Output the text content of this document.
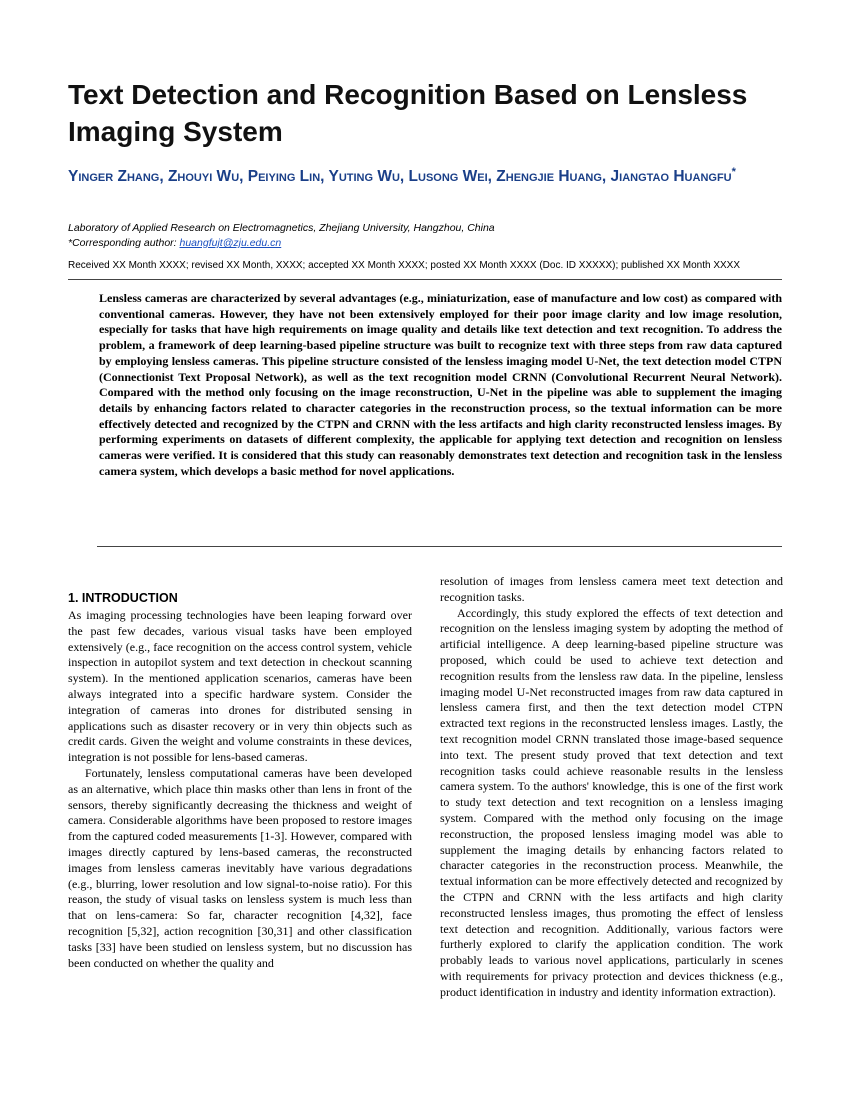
Text Detection and Recognition Based on Lensless Imaging System
Yinger Zhang, Zhouyi Wu, Peiying Lin, Yuting Wu, Lusong Wei, Zhengjie Huang, Jiangtao Huangfu*
Laboratory of Applied Research on Electromagnetics, Zhejiang University, Hangzhou, China
*Corresponding author: huangfujt@zju.edu.cn
Received XX Month XXXX; revised XX Month, XXXX; accepted XX Month XXXX; posted XX Month XXXX (Doc. ID XXXXX); published XX Month XXXX

Lensless cameras are characterized by several advantages (e.g., miniaturization, ease of manufacture and low cost) as compared with conventional cameras. However, they have not been extensively employed for their poor image clarity and low image resolution, especially for tasks that have high requirements on image quality and details like text detection and text recognition. To address the problem, a framework of deep learning-based pipeline structure was built to recognize text with three steps from raw data captured by employing lensless cameras. This pipeline structure consisted of the lensless imaging model U-Net, the text detection model CTPN (Connectionist Text Proposal Network), as well as the text recognition model CRNN (Convolutional Recurrent Neural Network). Compared with the method only focusing on the image reconstruction, U-Net in the pipeline was able to supplement the imaging details by enhancing factors related to character categories in the reconstruction process, so the textual information can be more effectively detected and recognized by the CTPN and CRNN with the less artifacts and high clarity reconstructed lensless images. By performing experiments on datasets of different complexity, the applicable for applying text detection and recognition on lensless cameras were verified. It is considered that this study can reasonably demonstrates text detection and recognition task in the lensless camera system, which develops a basic method for novel applications.

1. INTRODUCTION

As imaging processing technologies have been leaping forward over the past few decades, various visual tasks have been employed extensively (e.g., face recognition on the access control system, vehicle inspection in autopilot system and text detection in checkout scanning system). In the mentioned application scenarios, cameras have been always integrated into a specific hardware system. Consider the integration of cameras into drones for distributed sensing in applications such as disaster recovery or in very thin objects such as credit cards. Given the weight and volume constraints in these devices, integration is not possible for lens-based cameras.

Fortunately, lensless computational cameras have been developed as an alternative, which place thin masks other than lens in front of the sensors, thereby significantly decreasing the thickness and weight of camera. Considerable algorithms have been proposed to restore images from the captured coded measurements [1-3]. However, compared with images directly captured by lens-based cameras, the reconstructed images from lensless cameras inevitably have various degradations (e.g., blurring, lower resolution and low signal-to-noise ratio). For this reason, the study of visual tasks on lensless system is much less than that on lens-camera: So far, character recognition [4,32], face recognition [5,32], action recognition [30,31] and other classification tasks [33] have been studied on lensless system, but no discussion has been conducted on whether the quality and

resolution of images from lensless camera meet text detection and recognition tasks.

Accordingly, this study explored the effects of text detection and recognition on the lensless imaging system by adopting the method of artificial intelligence. A deep learning-based pipeline structure was proposed, which could be used to achieve text detection and recognition results from the lensless raw data. In the pipeline, lensless imaging model U-Net reconstructed images from raw data captured in lensless camera first, and then the text detection model CTPN extracted text regions in the reconstructed lensless images. Lastly, the text recognition model CRNN translated those image-based sequence into text. The present study proved that text detection and text recognition tasks could achieve reasonable results in the lensless camera system. To the authors' knowledge, this is one of the first work to study text detection and text recognition on a lensless imaging system. Compared with the method only focusing on the image reconstruction, the proposed lensless imaging model was able to supplement the imaging details by enhancing factors related to character categories in the reconstruction process. Meanwhile, the textual information can be more effectively detected and recognized by the CTPN and CRNN with the less artifacts and high clarity reconstructed lensless images, thus promoting the effect of lensless text detection and recognition. Additionally, various factors were furtherly explored to clarify the application condition. The work probably leads to various novel applications, particularly in scenes with requirements for privacy protection and devices thickness (e.g., product identification in industry and identity information extraction).
